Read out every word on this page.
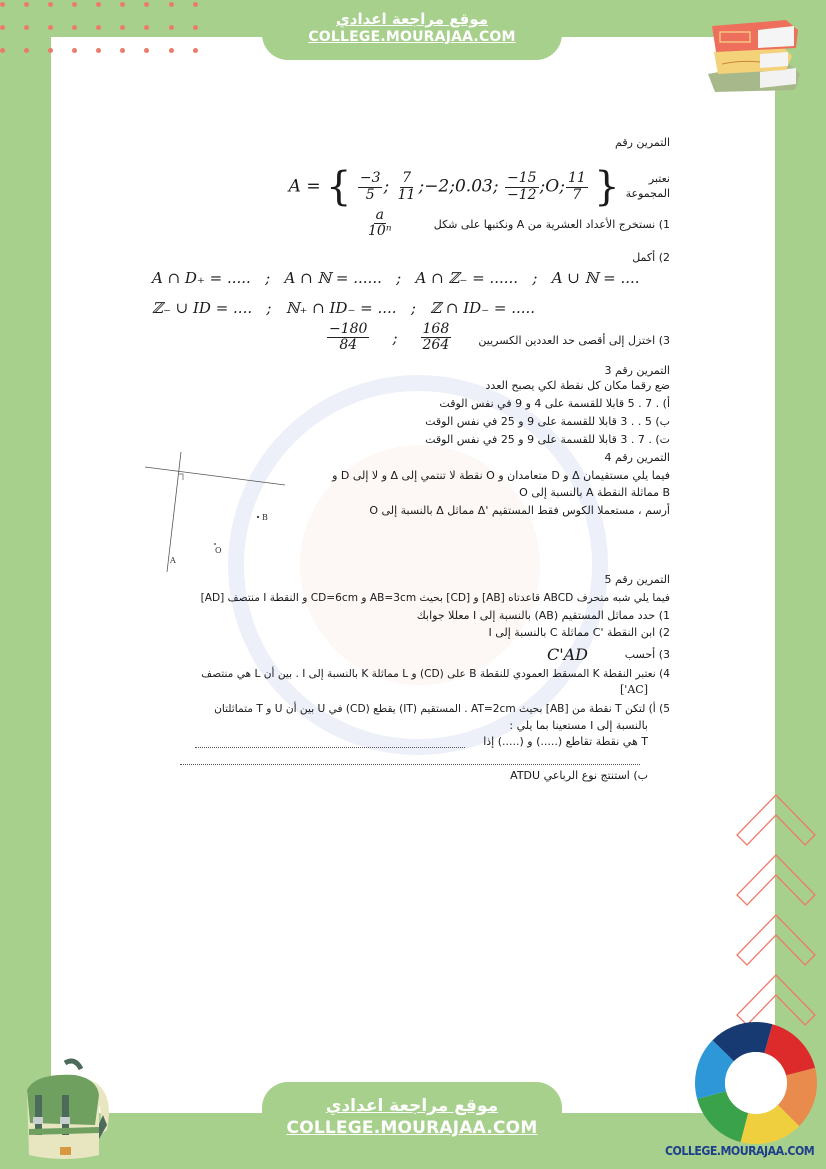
موقع مراجعة اعدادي
COLLEGE.MOURAJAA.COM
التمرين رقم
نعتبر المجموعة
A = { $\frac{-3}{5}$ ; $\frac{7}{11}$ ;−2;0.03; $\frac{-15}{-12}$ ;O; $\frac{11}{7}$ }
1) نستخرج الأعداد العشرية من A ونكتبها على شكل
$\frac{a}{\text{10ⁿ}}$
2) أكمل
A ∩ D₊ = .....   ;   A ∩ ℕ = ......   ;   A ∩ ℤ₋ = ......   ;   A ∪ ℕ = ....
ℤ₋ ∪ ID = ....   ;   ℕ₊ ∩ ID₋ = ....   ;   ℤ ∩ ID₋ = .....
3) اختزل إلى أقصى حد العددين الكسريين
$\frac{-180}{84}$ ; $\frac{168}{264}$
التمرين رقم 3
ضع رقما مكان كل نقطة لكي يصبح العدد
أ) . 7 . 5 قابلا للقسمة على 4 و 9 في نفس الوقت
ب) 5 . . 3 قابلا للقسمة على 9 و 25 في نفس الوقت
ت) . 7 . 3 قابلا للقسمة على 9 و 25 في نفس الوقت
التمرين رقم 4
فيما يلي مستقيمان Δ و D متعامدان و O نقطة لا تنتمي إلى Δ و لا إلى D و
B مماثلة النقطة A بالنسبة إلى O
أرسم ، مستعملا الكوس فقط المستقيم 'Δ مماثل Δ بالنسبة إلى O
التمرين رقم 5
فيما يلي شبه منحرف ABCD قاعدتاه [AB] و [CD] بحيث AB=3cm و CD=6cm و النقطة I منتصف [AD]
1) حدد مماثل المستقيم (AB) بالنسبة إلى I معللا جوابك
2) ابن النقطة 'C مماثلة C بالنسبة إلى I
3) أحسب
C'AD
4) نعتبر النقطة K المسقط العمودي للنقطة B على (CD) و L مماثلة K بالنسبة إلى I . بين أن L هي منتصف
[AC']
5) أ) لتكن T نقطة من [AB] بحيث AT=2cm . المستقيم (IT) يقطع (CD) في U بين أن U و T متماثلتان
بالنسبة إلى I مستعينا بما يلي :
T هي نقطة تقاطع (.....) و (.....) إذا
ب) استنتج نوع الرباعي ATDU
B
O
A
COLLEGE.MOURAJAA.COM
موقع مراجعة اعدادي
COLLEGE.MOURAJAA.COM
